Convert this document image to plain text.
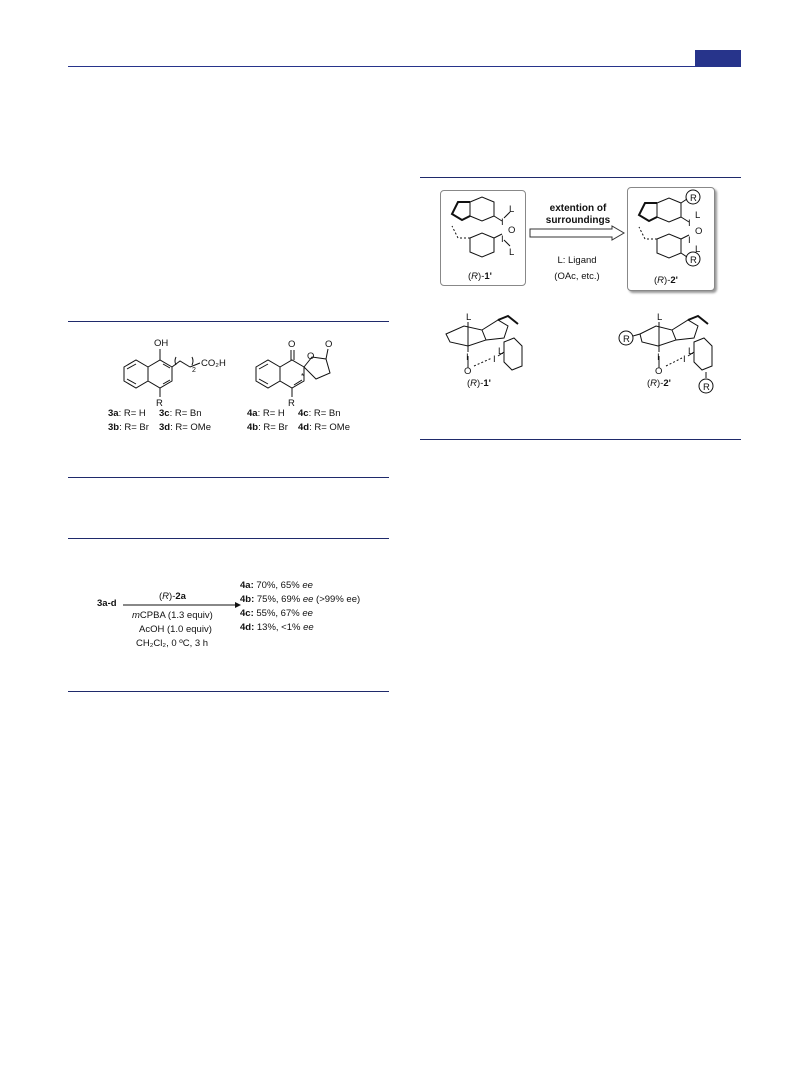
OH
2
CO₂H
R
O
O
O
*
R
3a: R= H 3c: R= Bn
3b: R= Br 3d: R= OMe
4a: R= H 4c: R= Bn
4b: R= Br 4d: R= OMe
3a-d
(R)-2a
mCPBA (1.3 equiv)
AcOH (1.0 equiv)
CH₂Cl₂, 0 ºC, 3 h
4a: 70%, 65% ee
4b: 75%, 69% ee (>99% ee)
4c: 55%, 67% ee
4d: 13%, <1% ee
L
I
O
I
L
(R)-1'
extention of
surroundings
L: Ligand
(OAc, etc.)
R
L
I
O
I
L
R
(R)-2'
L
I
O
L
I
(R)-1'
R
L
I
O
L
I
R
(R)-2'
